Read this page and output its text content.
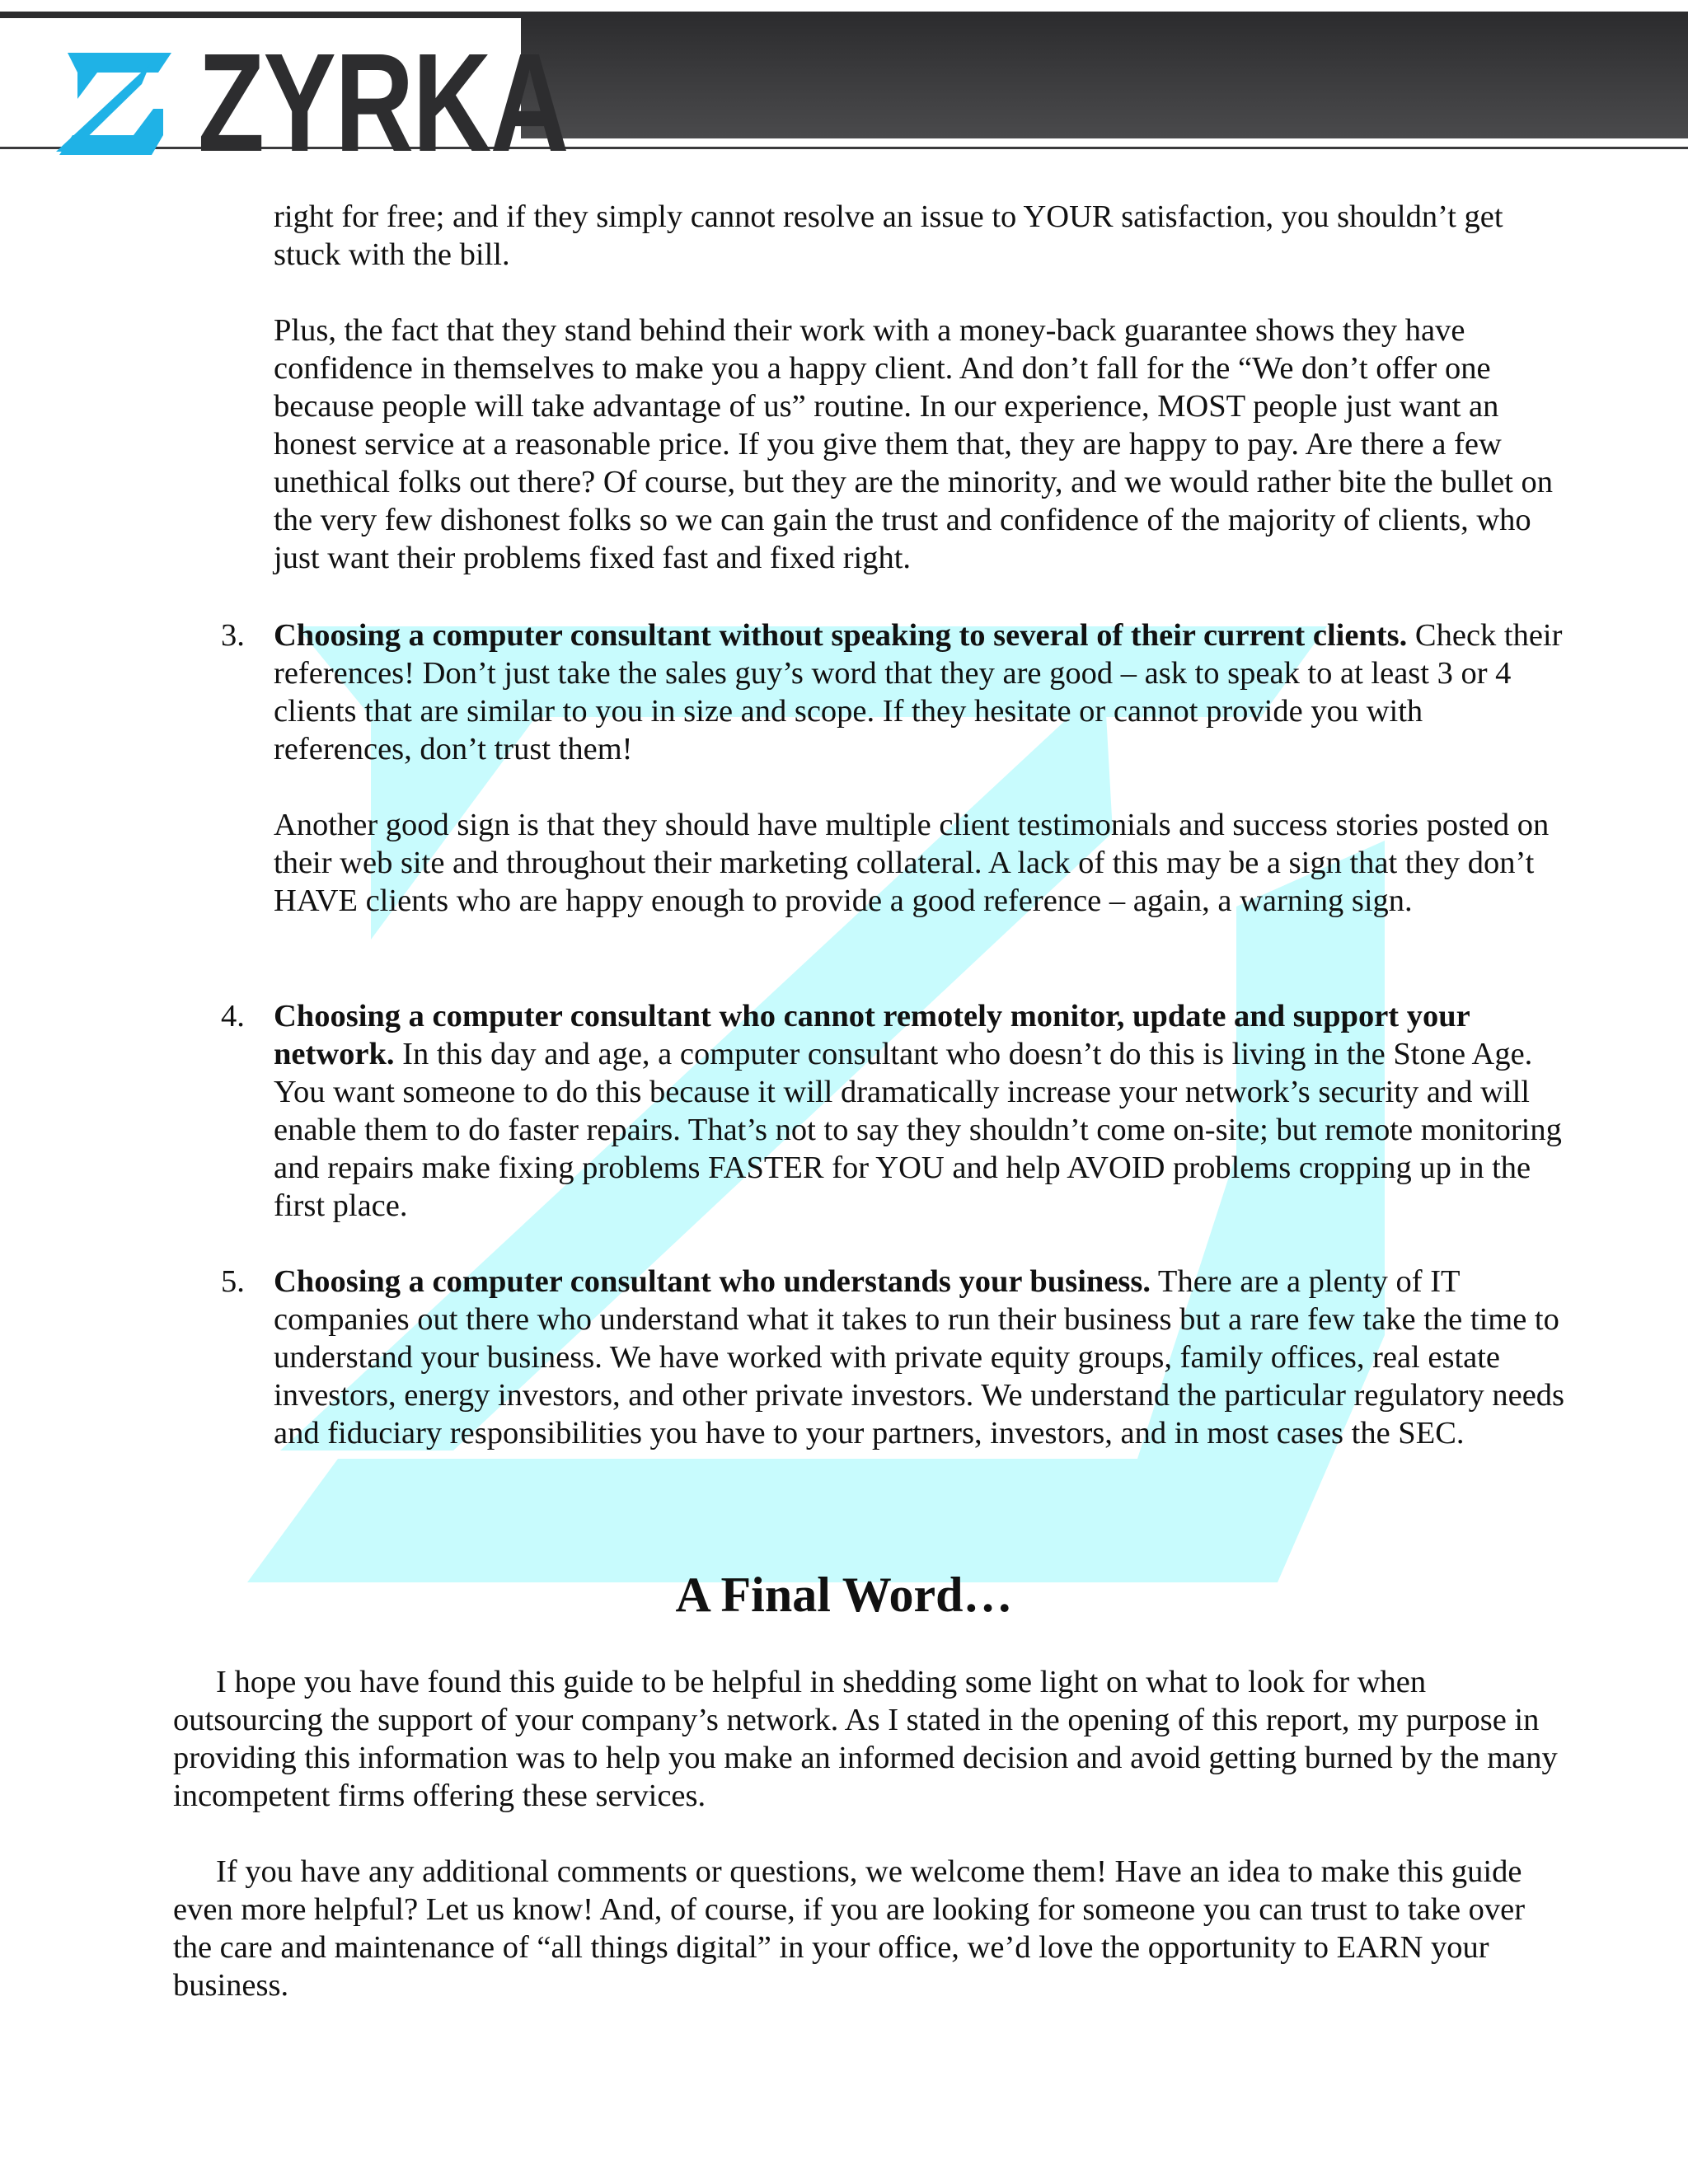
ZYRKA

right for free; and if they simply cannot resolve an issue to YOUR satisfaction, you shouldn’t get stuck with the bill.

Plus, the fact that they stand behind their work with a money-back guarantee shows they have confidence in themselves to make you a happy client. And don’t fall for the “We don’t offer one because people will take advantage of us” routine. In our experience, MOST people just want an honest service at a reasonable price. If you give them that, they are happy to pay. Are there a few unethical folks out there? Of course, but they are the minority, and we would rather bite the bullet on the very few dishonest folks so we can gain the trust and confidence of the majority of clients, who just want their problems fixed fast and fixed right.

3. Choosing a computer consultant without speaking to several of their current clients. Check their references! Don’t just take the sales guy’s word that they are good – ask to speak to at least 3 or 4 clients that are similar to you in size and scope. If they hesitate or cannot provide you with references, don’t trust them!

Another good sign is that they should have multiple client testimonials and success stories posted on their web site and throughout their marketing collateral. A lack of this may be a sign that they don’t HAVE clients who are happy enough to provide a good reference – again, a warning sign.

4. Choosing a computer consultant who cannot remotely monitor, update and support your network. In this day and age, a computer consultant who doesn’t do this is living in the Stone Age. You want someone to do this because it will dramatically increase your network’s security and will enable them to do faster repairs. That’s not to say they shouldn’t come on-site; but remote monitoring and repairs make fixing problems FASTER for YOU and help AVOID problems cropping up in the first place.

5. Choosing a computer consultant who understands your business. There are a plenty of IT companies out there who understand what it takes to run their business but a rare few take the time to understand your business. We have worked with private equity groups, family offices, real estate investors, energy investors, and other private investors. We understand the particular regulatory needs and fiduciary responsibilities you have to your partners, investors, and in most cases the SEC.

A Final Word…

I hope you have found this guide to be helpful in shedding some light on what to look for when outsourcing the support of your company’s network. As I stated in the opening of this report, my purpose in providing this information was to help you make an informed decision and avoid getting burned by the many incompetent firms offering these services.

If you have any additional comments or questions, we welcome them! Have an idea to make this guide even more helpful? Let us know! And, of course, if you are looking for someone you can trust to take over the care and maintenance of “all things digital” in your office, we’d love the opportunity to EARN your business.
